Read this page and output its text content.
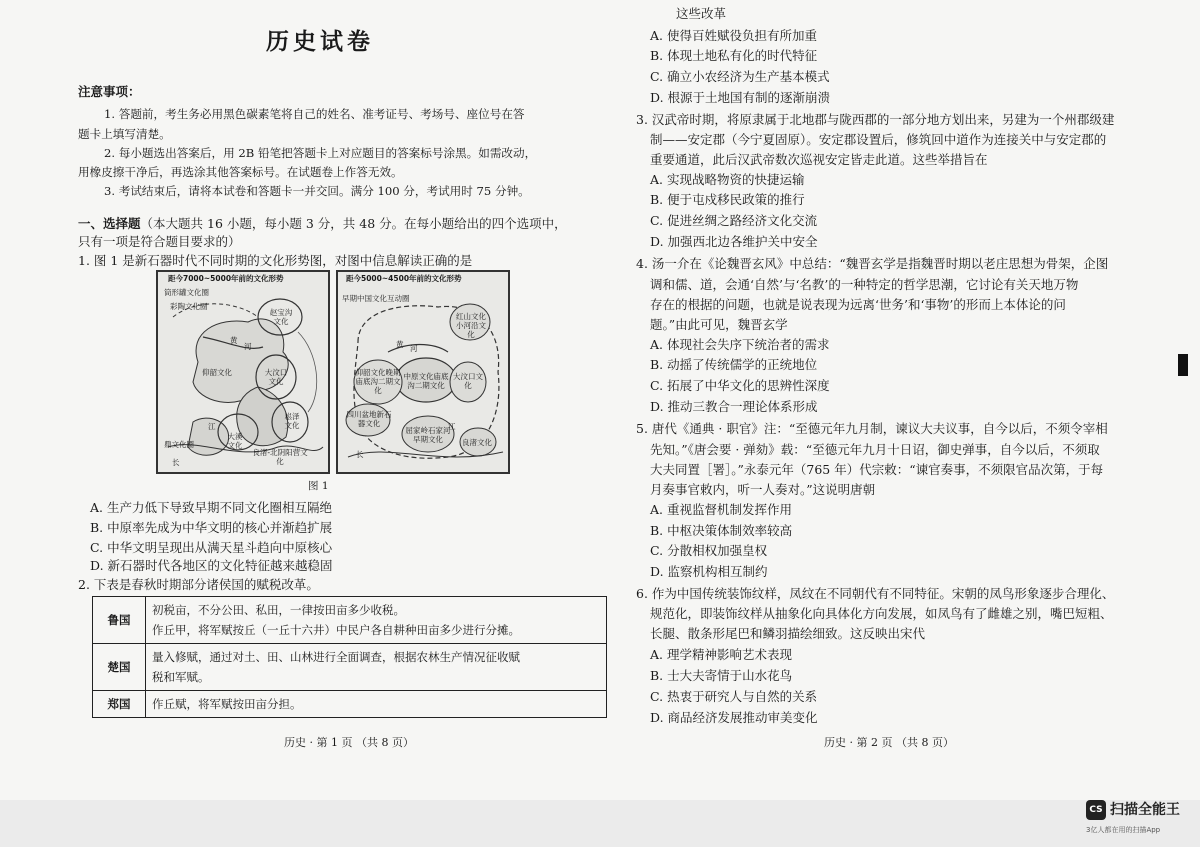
历史试卷
注意事项：
1. 答题前，考生务必用黑色碳素笔将自己的姓名、准考证号、考场号、座位号在答
题卡上填写清楚。
2. 每小题选出答案后，用 2B 铅笔把答题卡上对应题目的答案标号涂黑。如需改动，
用橡皮擦干净后，再选涂其他答案标号。在试题卷上作答无效。
3. 考试结束后，请将本试卷和答题卡一并交回。满分 100 分，考试用时 75 分钟。
一、选择题（本大题共 16 小题，每小题 3 分，共 48 分。在每小题给出的四个选项中，
只有一项是符合题目要求的）
1. 图 1 是新石器时代不同时期的文化形势图，对图中信息解读正确的是
距今7000~5000年前的文化形势
筒形罐文化圈
彩陶文化圈
赵宝沟文化
黄
河
仰韶文化	大汶口文化
江
大溪文化
崧泽文化
鼎文化圈
长
良渚-北阴阳营文化
距今5000~4500年前的文化形势
早期中国文化互动圈
红山文化小河沿文化
黄 河
仰韶文化晚期庙底沟二期文化
中原文化庙底沟二期文化
大汶口文化
四川盆地新石器文化
屈家岭石家河早期文化	良渚文化
长
江
图 1
A. 生产力低下导致早期不同文化圈相互隔绝
B. 中原率先成为中华文明的核心并渐趋扩展
C. 中华文明呈现出从满天星斗趋向中原核心
D. 新石器时代各地区的文化特征越来越稳固
2. 下表是春秋时期部分诸侯国的赋税改革。
鲁国	初税亩，不分公田、私田，一律按田亩多少收税。
作丘甲，将军赋按丘（一丘十六井）中民户各自耕种田亩多少进行分摊。

楚国	量入修赋，通过对土、田、山林进行全面调查，根据农林生产情况征收赋
税和军赋。

郑国	作丘赋，将军赋按田亩分担。
历史 · 第 1 页 （共 8 页）
这些改革
A. 使得百姓赋役负担有所加重
B. 体现土地私有化的时代特征
C. 确立小农经济为生产基本模式
D. 根源于土地国有制的逐渐崩溃
3. 汉武帝时期，将原隶属于北地郡与陇西郡的一部分地方划出来，另建为一个州郡级建
制——安定郡（今宁夏固原）。安定郡设置后，修筑回中道作为连接关中与安定郡的
重要通道，此后汉武帝数次巡视安定皆走此道。这些举措旨在
A. 实现战略物资的快捷运输
B. 便于屯戍移民政策的推行
C. 促进丝绸之路经济文化交流
D. 加强西北边各维护关中安全
4. 汤一介在《论魏晋玄风》中总结：“魏晋玄学是指魏晋时期以老庄思想为骨架，企图
调和儒、道，会通‘自然’与‘名教’的一种特定的哲学思潮，它讨论有关天地万物
存在的根据的问题，也就是说表现为远离‘世务’和‘事物’的形而上本体论的问
题。”由此可见，魏晋玄学
A. 体现社会失序下统治者的需求
B. 动摇了传统儒学的正统地位
C. 拓展了中华文化的思辨性深度
D. 推动三教合一理论体系形成
5. 唐代《通典 · 职官》注：“至德元年九月制，谏议大夫议事，自今以后，不须令宰相
先知。”《唐会要 · 弹劾》载：“至德元年九月十日诏，御史弹事，自今以后，不须取
大夫同置［署］。”永泰元年（765 年）代宗敕：“谏官奏事，不须限官品次第，于每
月奏事官敕内，听一人奏对。”这说明唐朝
A. 重视监督机制发挥作用
B. 中枢决策体制效率较高
C. 分散相权加强皇权
D. 监察机构相互制约
6. 作为中国传统装饰纹样，凤纹在不同朝代有不同特征。宋朝的凤鸟形象逐步合理化、
规范化，即装饰纹样从抽象化向具体化方向发展，如凤鸟有了雌雄之别，嘴巴短粗、
长腿、散条形尾巴和鳞羽描绘细致。这反映出宋代
A. 理学精神影响艺术表现
B. 士大夫寄情于山水花鸟
C. 热衷于研究人与自然的关系
D. 商品经济发展推动审美变化
历史 · 第 2 页 （共 8 页）
CS 扫描全能王
3亿人都在用的扫描App
